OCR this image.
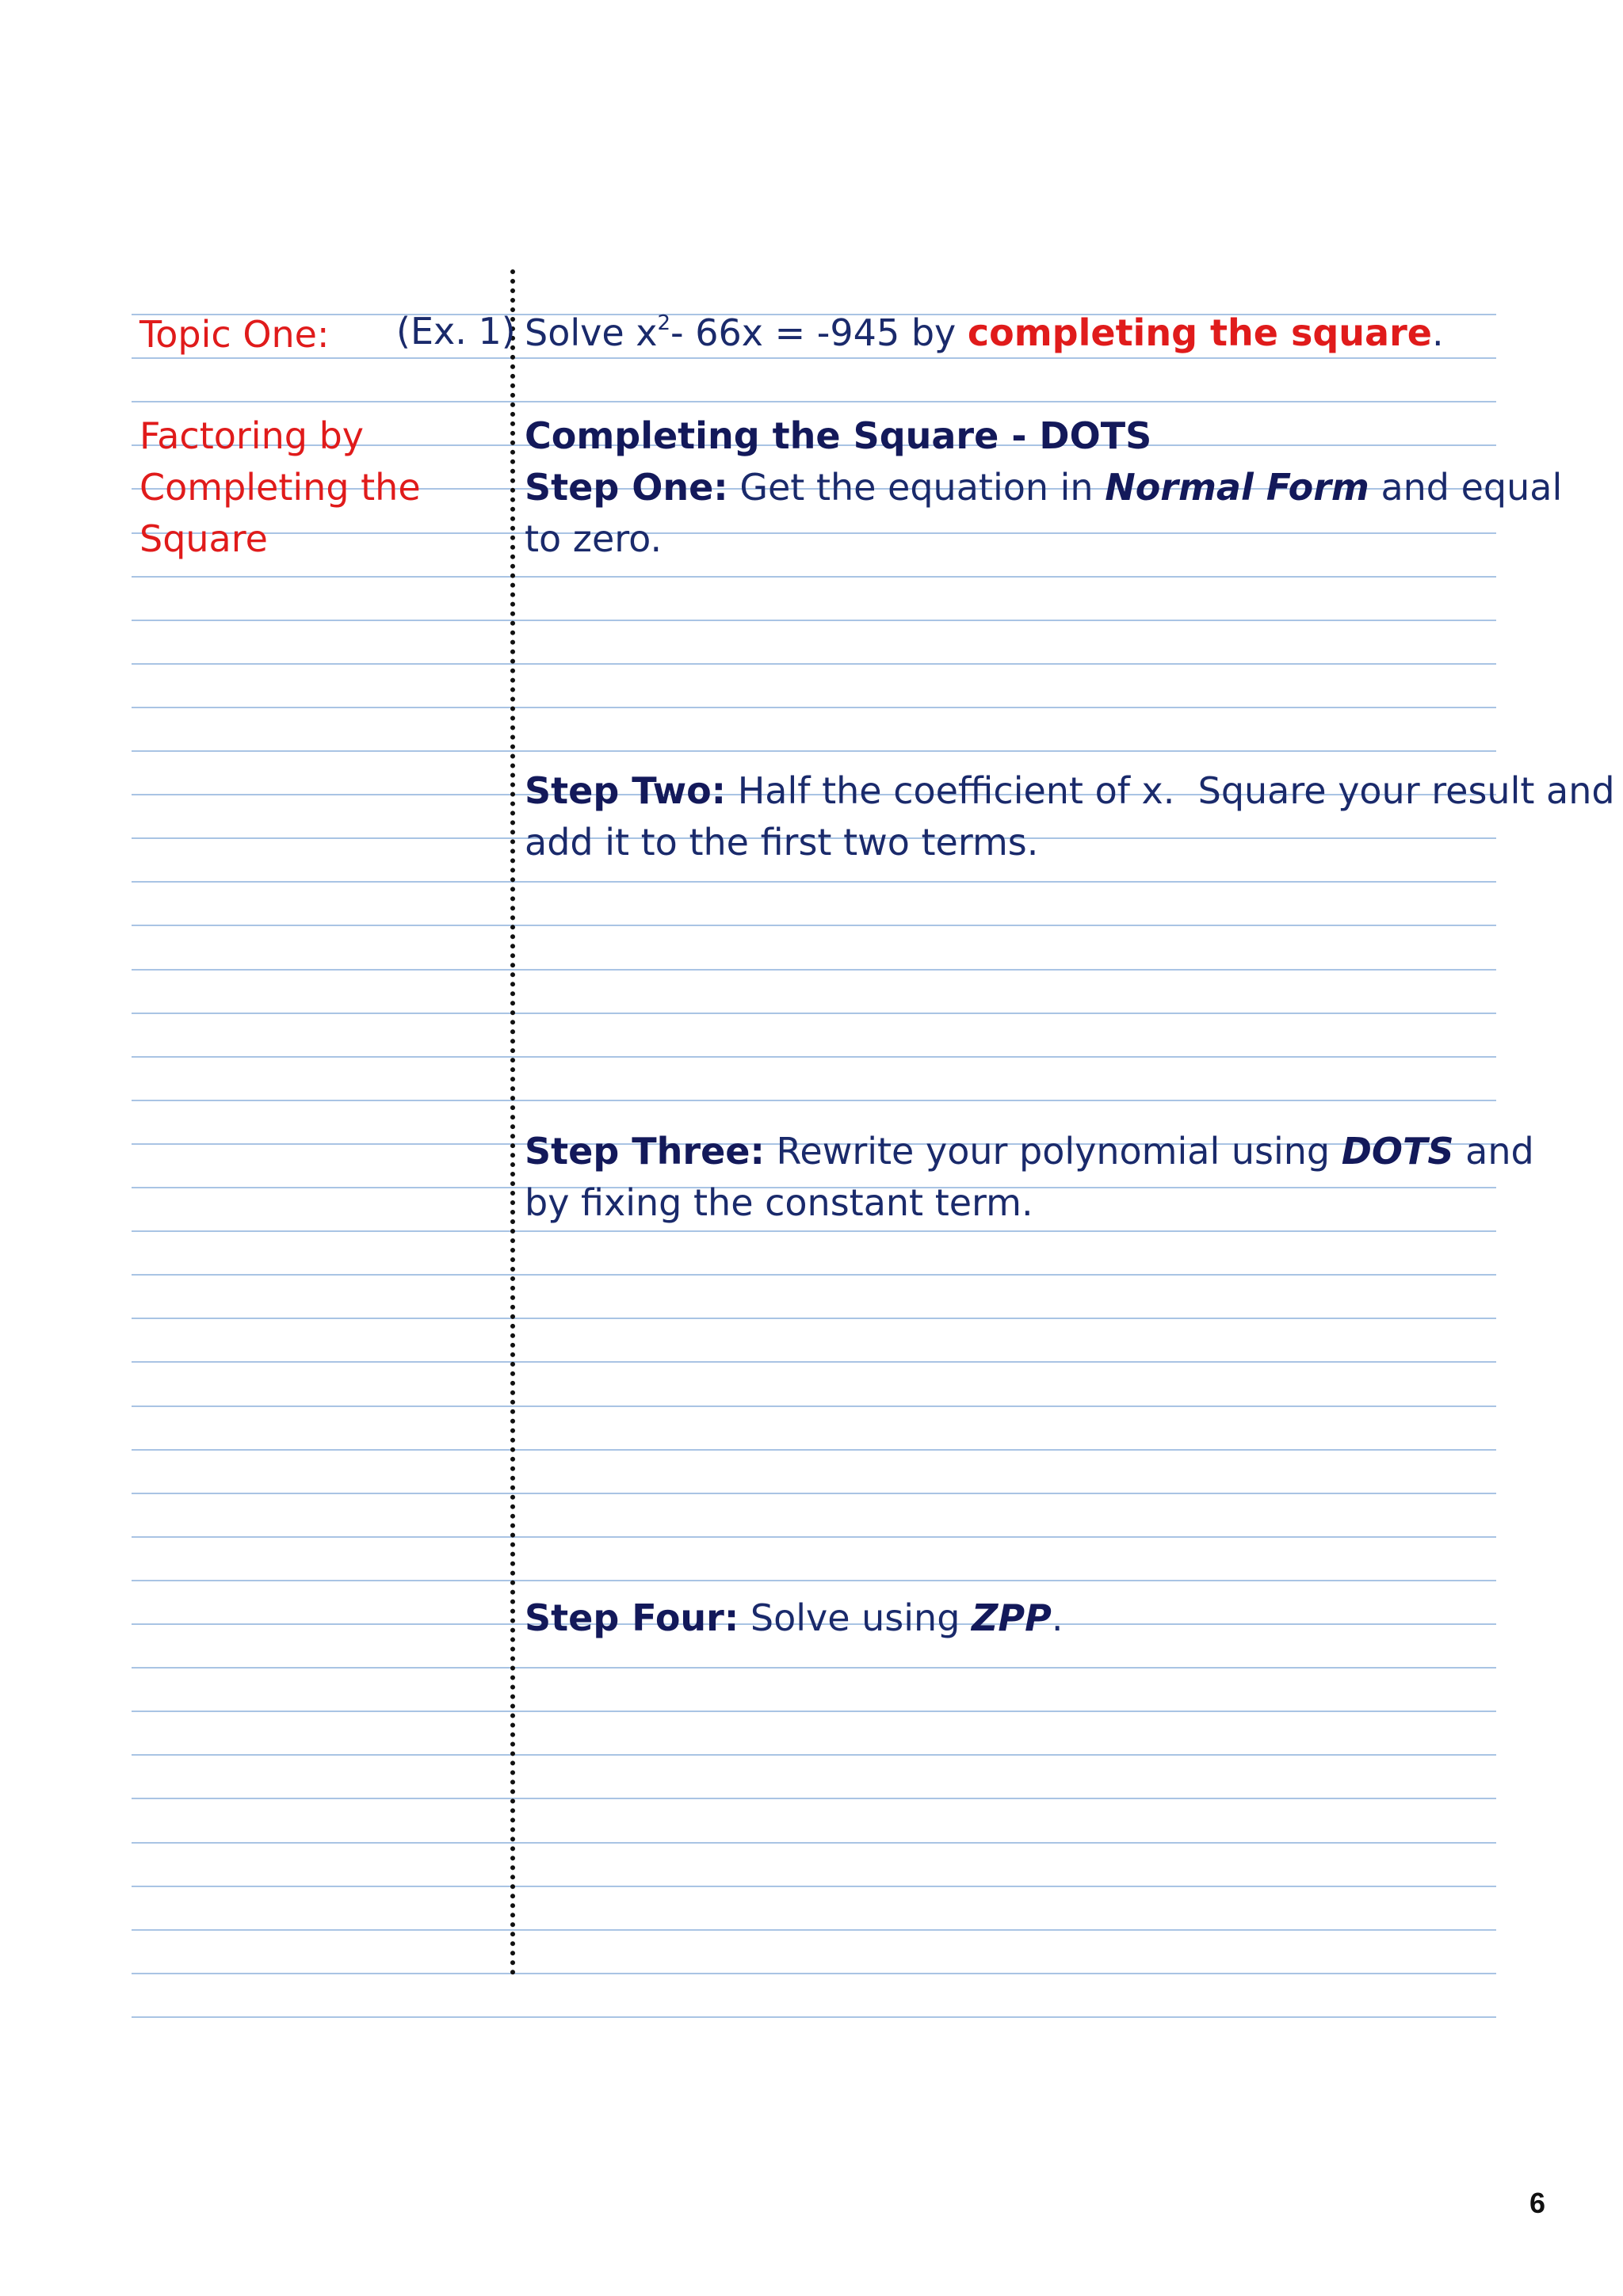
Topic One:
Factoring by
Completing the
Square
(Ex. 1) Solve $x^2-$ 66x = -945 by completing the square.
Completing the Square - DOTS
Step One: Get the equation in Normal Form and equal
to zero.
Step Two: Half the coefficient of x.  Square your result and
add it to the first two terms.
Step Three: Rewrite your polynomial using DOTS and
by fixing the constant term.
Step Four: Solve using ZPP.
6
